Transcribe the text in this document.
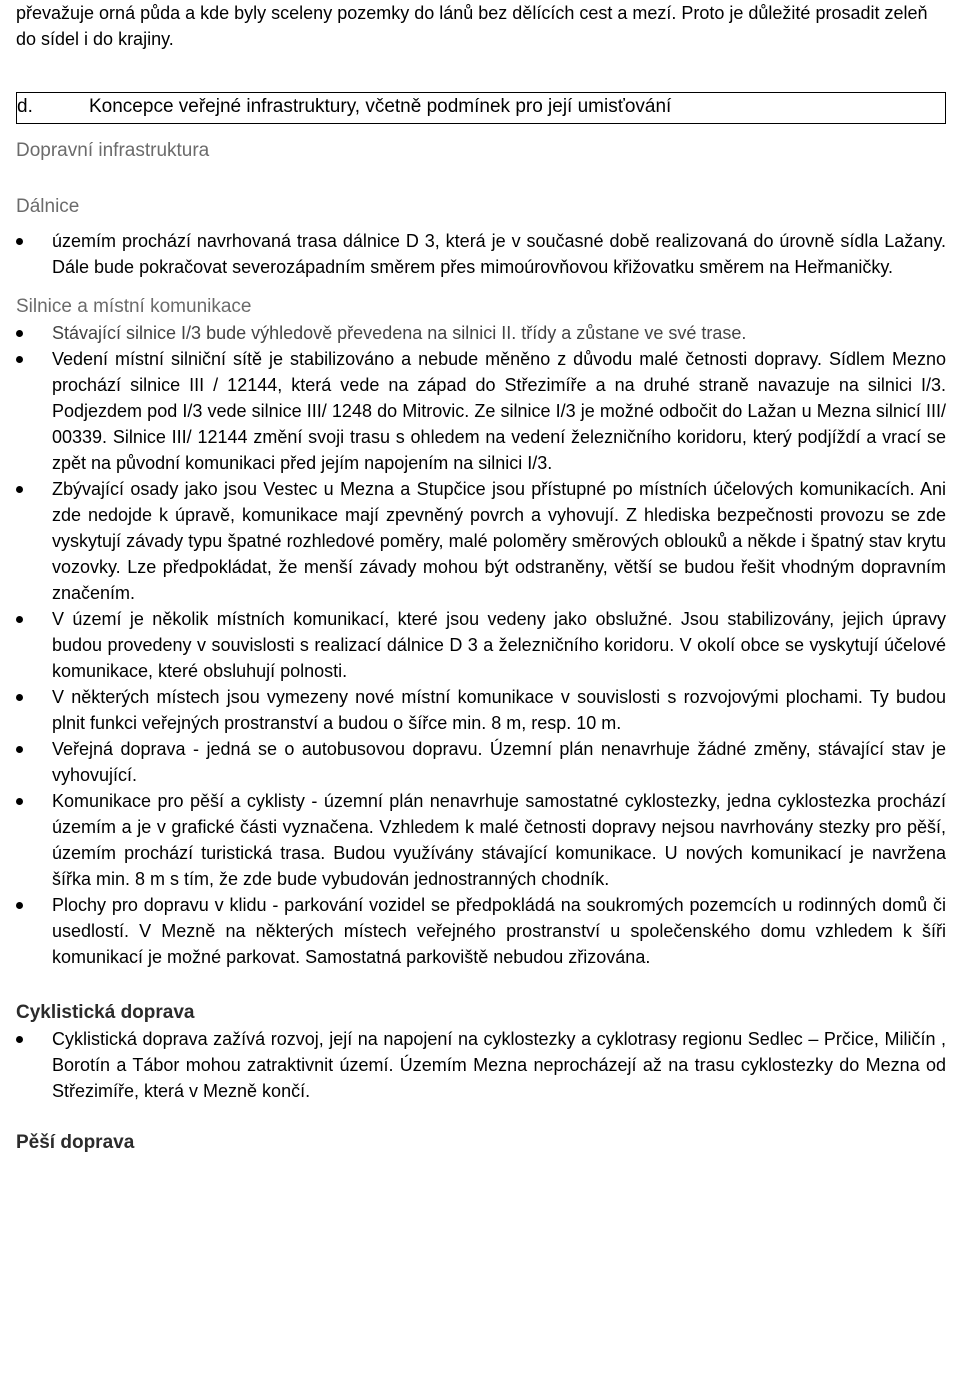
převažuje orná půda a kde byly sceleny pozemky do lánů bez dělících cest a mezí. Proto je důležité prosadit zeleň do sídel i do krajiny.

d.	Koncepce veřejné infrastruktury, včetně podmínek pro její umisťování

Dopravní infrastruktura

Dálnice

územím prochází navrhovaná trasa dálnice D 3, která je v současné době realizovaná do úrovně sídla Lažany. Dále bude pokračovat severozápadním směrem přes mimoúrovňovou křižovatku směrem na Heřmaničky.

Silnice a místní komunikace

Stávající silnice I/3 bude výhledově převedena na silnici II. třídy a zůstane ve své trase.
Vedení místní silniční sítě je stabilizováno a nebude měněno z důvodu malé četnosti dopravy. Sídlem Mezno prochází silnice III / 12144, která vede na západ do Střezimíře a na druhé straně navazuje na silnici I/3. Podjezdem pod I/3 vede silnice III/ 1248 do Mitrovic. Ze silnice I/3 je možné odbočit do Lažan u Mezna silnicí III/ 00339. Silnice III/ 12144 změní svoji trasu s ohledem na vedení železničního koridoru, který podjíždí a vrací se zpět na původní komunikaci před jejím napojením na silnici I/3.
Zbývající osady jako jsou Vestec u Mezna a Stupčice jsou přístupné po místních účelových komunikacích. Ani zde nedojde k úpravě, komunikace mají zpevněný povrch a vyhovují. Z hlediska bezpečnosti provozu se zde vyskytují závady typu špatné rozhledové poměry, malé poloměry směrových oblouků a někde i špatný stav krytu vozovky. Lze předpokládat, že menší závady mohou být odstraněny, větší se budou řešit vhodným dopravním značením.
V území je několik místních komunikací, které jsou vedeny jako obslužné. Jsou stabilizovány, jejich úpravy budou provedeny v souvislosti s realizací dálnice D 3 a železničního koridoru. V okolí obce se vyskytují účelové komunikace, které obsluhují polnosti.
V některých místech jsou vymezeny nové místní komunikace v souvislosti s rozvojovými plochami. Ty budou plnit funkci veřejných prostranství a budou o šířce min. 8 m, resp. 10 m.
Veřejná doprava - jedná se o autobusovou dopravu. Územní plán nenavrhuje žádné změny, stávající stav je vyhovující.
Komunikace pro pěší a cyklisty - územní plán nenavrhuje samostatné cyklostezky, jedna cyklostezka prochází územím a je v grafické části vyznačena. Vzhledem k malé četnosti dopravy nejsou navrhovány stezky pro pěší, územím prochází turistická trasa. Budou využívány stávající komunikace. U nových komunikací je navržena šířka min. 8 m s tím, že zde bude vybudován jednostranných chodník.
Plochy pro dopravu v klidu - parkování vozidel se předpokládá na soukromých pozemcích u rodinných domů či usedlostí. V Mezně na některých místech veřejného prostranství u společenského domu vzhledem k šíři komunikací je možné parkovat. Samostatná parkoviště nebudou zřizována.

Cyklistická doprava

Cyklistická doprava zažívá rozvoj, její na napojení na cyklostezky a cyklotrasy regionu Sedlec – Prčice, Miličín , Borotín a Tábor mohou zatraktivnit území. Územím Mezna neprocházejí až na trasu cyklostezky do Mezna od Střezimíře, která v Mezně končí.

Pěší doprava
